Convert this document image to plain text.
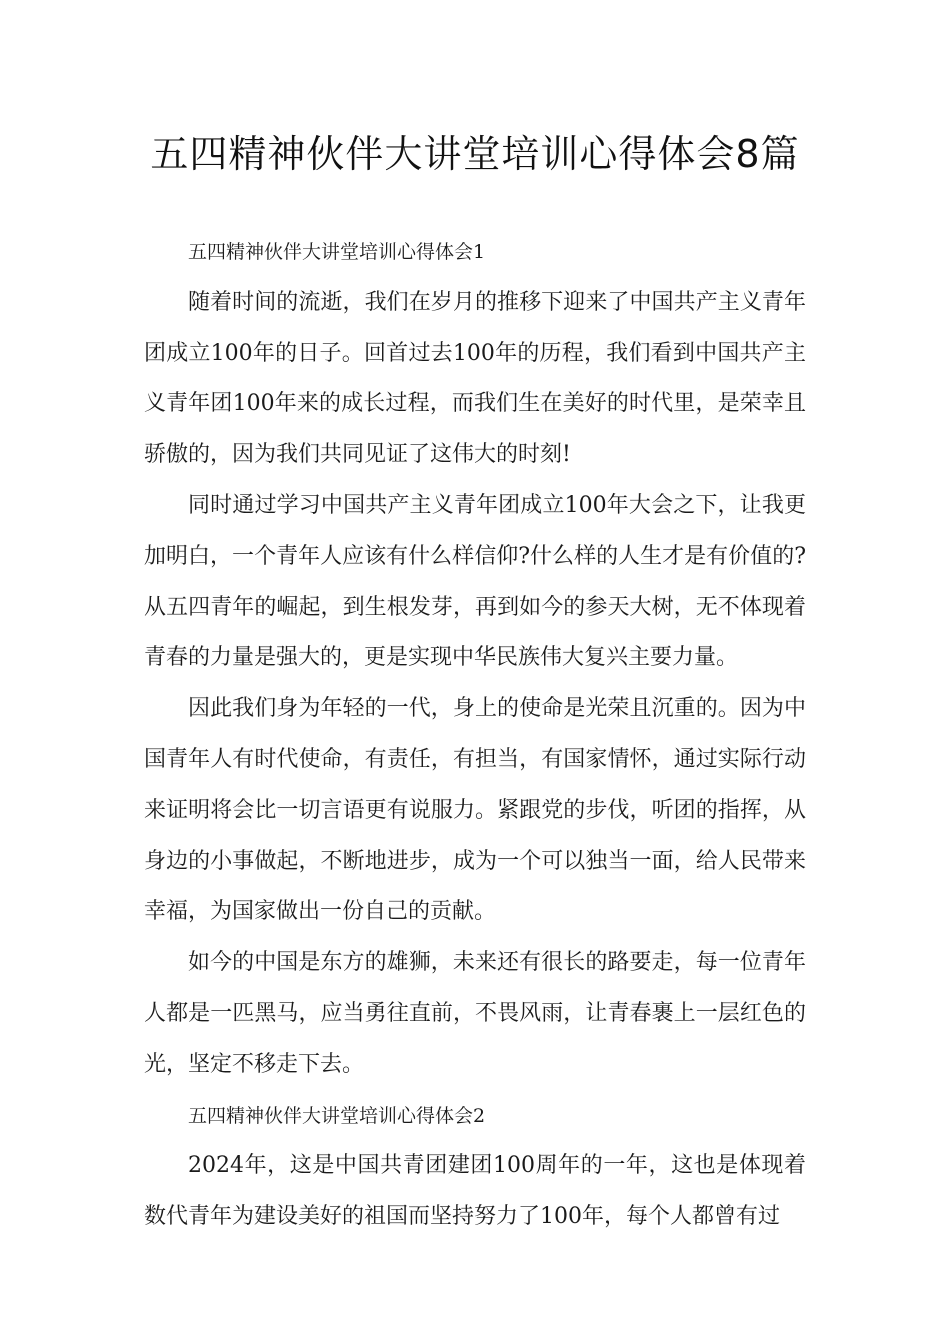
五四精神伙伴大讲堂培训心得体会8篇

五四精神伙伴大讲堂培训心得体会1

随着时间的流逝，我们在岁月的推移下迎来了中国共产主义青年团成立100年的日子。回首过去100年的历程，我们看到中国共产主义青年团100年来的成长过程，而我们生在美好的时代里，是荣幸且骄傲的，因为我们共同见证了这伟大的时刻!

同时通过学习中国共产主义青年团成立100年大会之下，让我更加明白，一个青年人应该有什么样信仰?什么样的人生才是有价值的?从五四青年的崛起，到生根发芽，再到如今的参天大树，无不体现着青春的力量是强大的，更是实现中华民族伟大复兴主要力量。

因此我们身为年轻的一代，身上的使命是光荣且沉重的。因为中国青年人有时代使命，有责任，有担当，有国家情怀，通过实际行动来证明将会比一切言语更有说服力。紧跟党的步伐，听团的指挥，从身边的小事做起，不断地进步，成为一个可以独当一面，给人民带来幸福，为国家做出一份自己的贡献。

如今的中国是东方的雄狮，未来还有很长的路要走，每一位青年人都是一匹黑马，应当勇往直前，不畏风雨，让青春裹上一层红色的光，坚定不移走下去。

五四精神伙伴大讲堂培训心得体会2

2024年，这是中国共青团建团100周年的一年，这也是体现着数代青年为建设美好的祖国而坚持努力了100年，每个人都曾有过
